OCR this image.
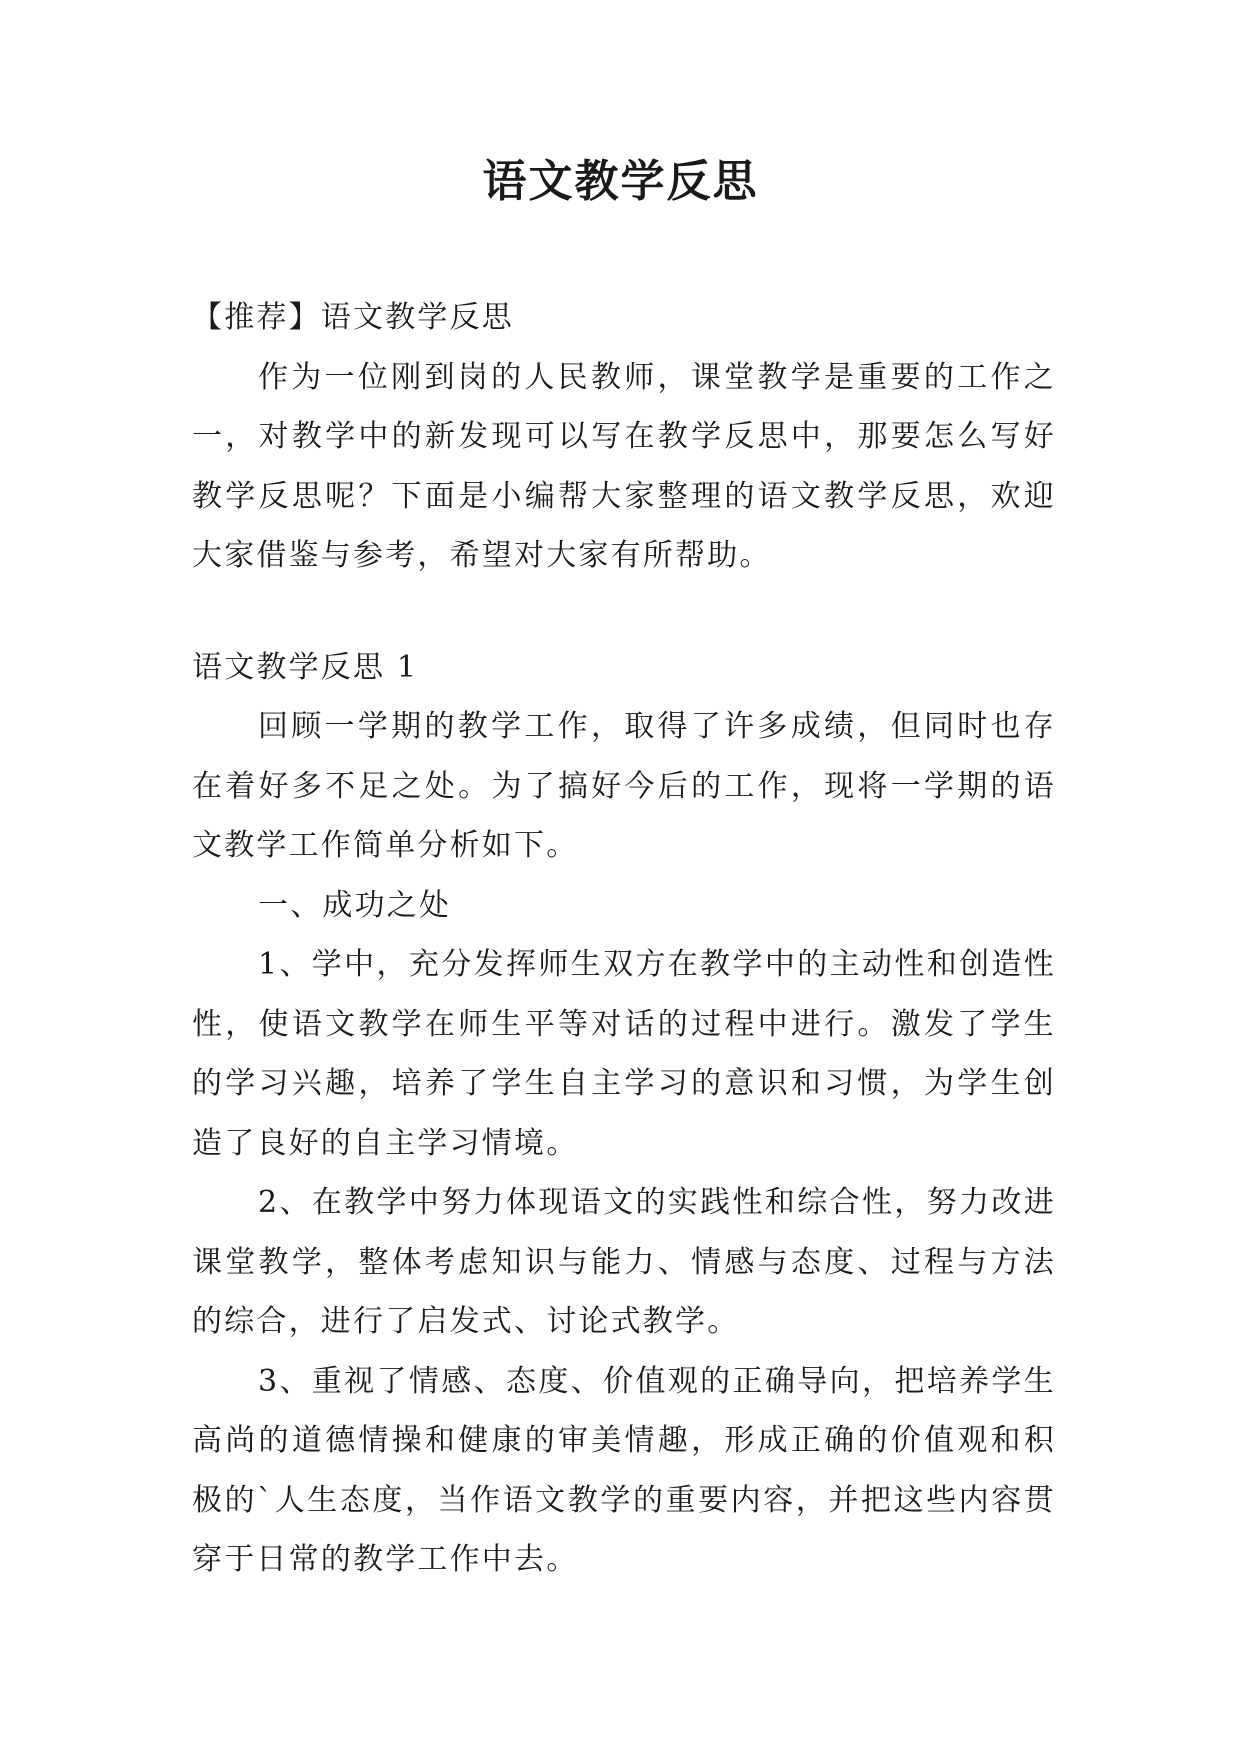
语文教学反思

【推荐】语文教学反思

作为一位刚到岗的人民教师，课堂教学是重要的工作之一，对教学中的新发现可以写在教学反思中，那要怎么写好教学反思呢？下面是小编帮大家整理的语文教学反思，欢迎大家借鉴与参考，希望对大家有所帮助。

语文教学反思 1

回顾一学期的教学工作，取得了许多成绩，但同时也存在着好多不足之处。为了搞好今后的工作，现将一学期的语文教学工作简单分析如下。

一、成功之处

1、学中，充分发挥师生双方在教学中的主动性和创造性性，使语文教学在师生平等对话的过程中进行。激发了学生的学习兴趣，培养了学生自主学习的意识和习惯，为学生创造了良好的自主学习情境。

2、在教学中努力体现语文的实践性和综合性，努力改进课堂教学，整体考虑知识与能力、情感与态度、过程与方法的综合，进行了启发式、讨论式教学。

3、重视了情感、态度、价值观的正确导向，把培养学生高尚的道德情操和健康的审美情趣，形成正确的价值观和积极的`人生态度，当作语文教学的重要内容，并把这些内容贯穿于日常的教学工作中去。
